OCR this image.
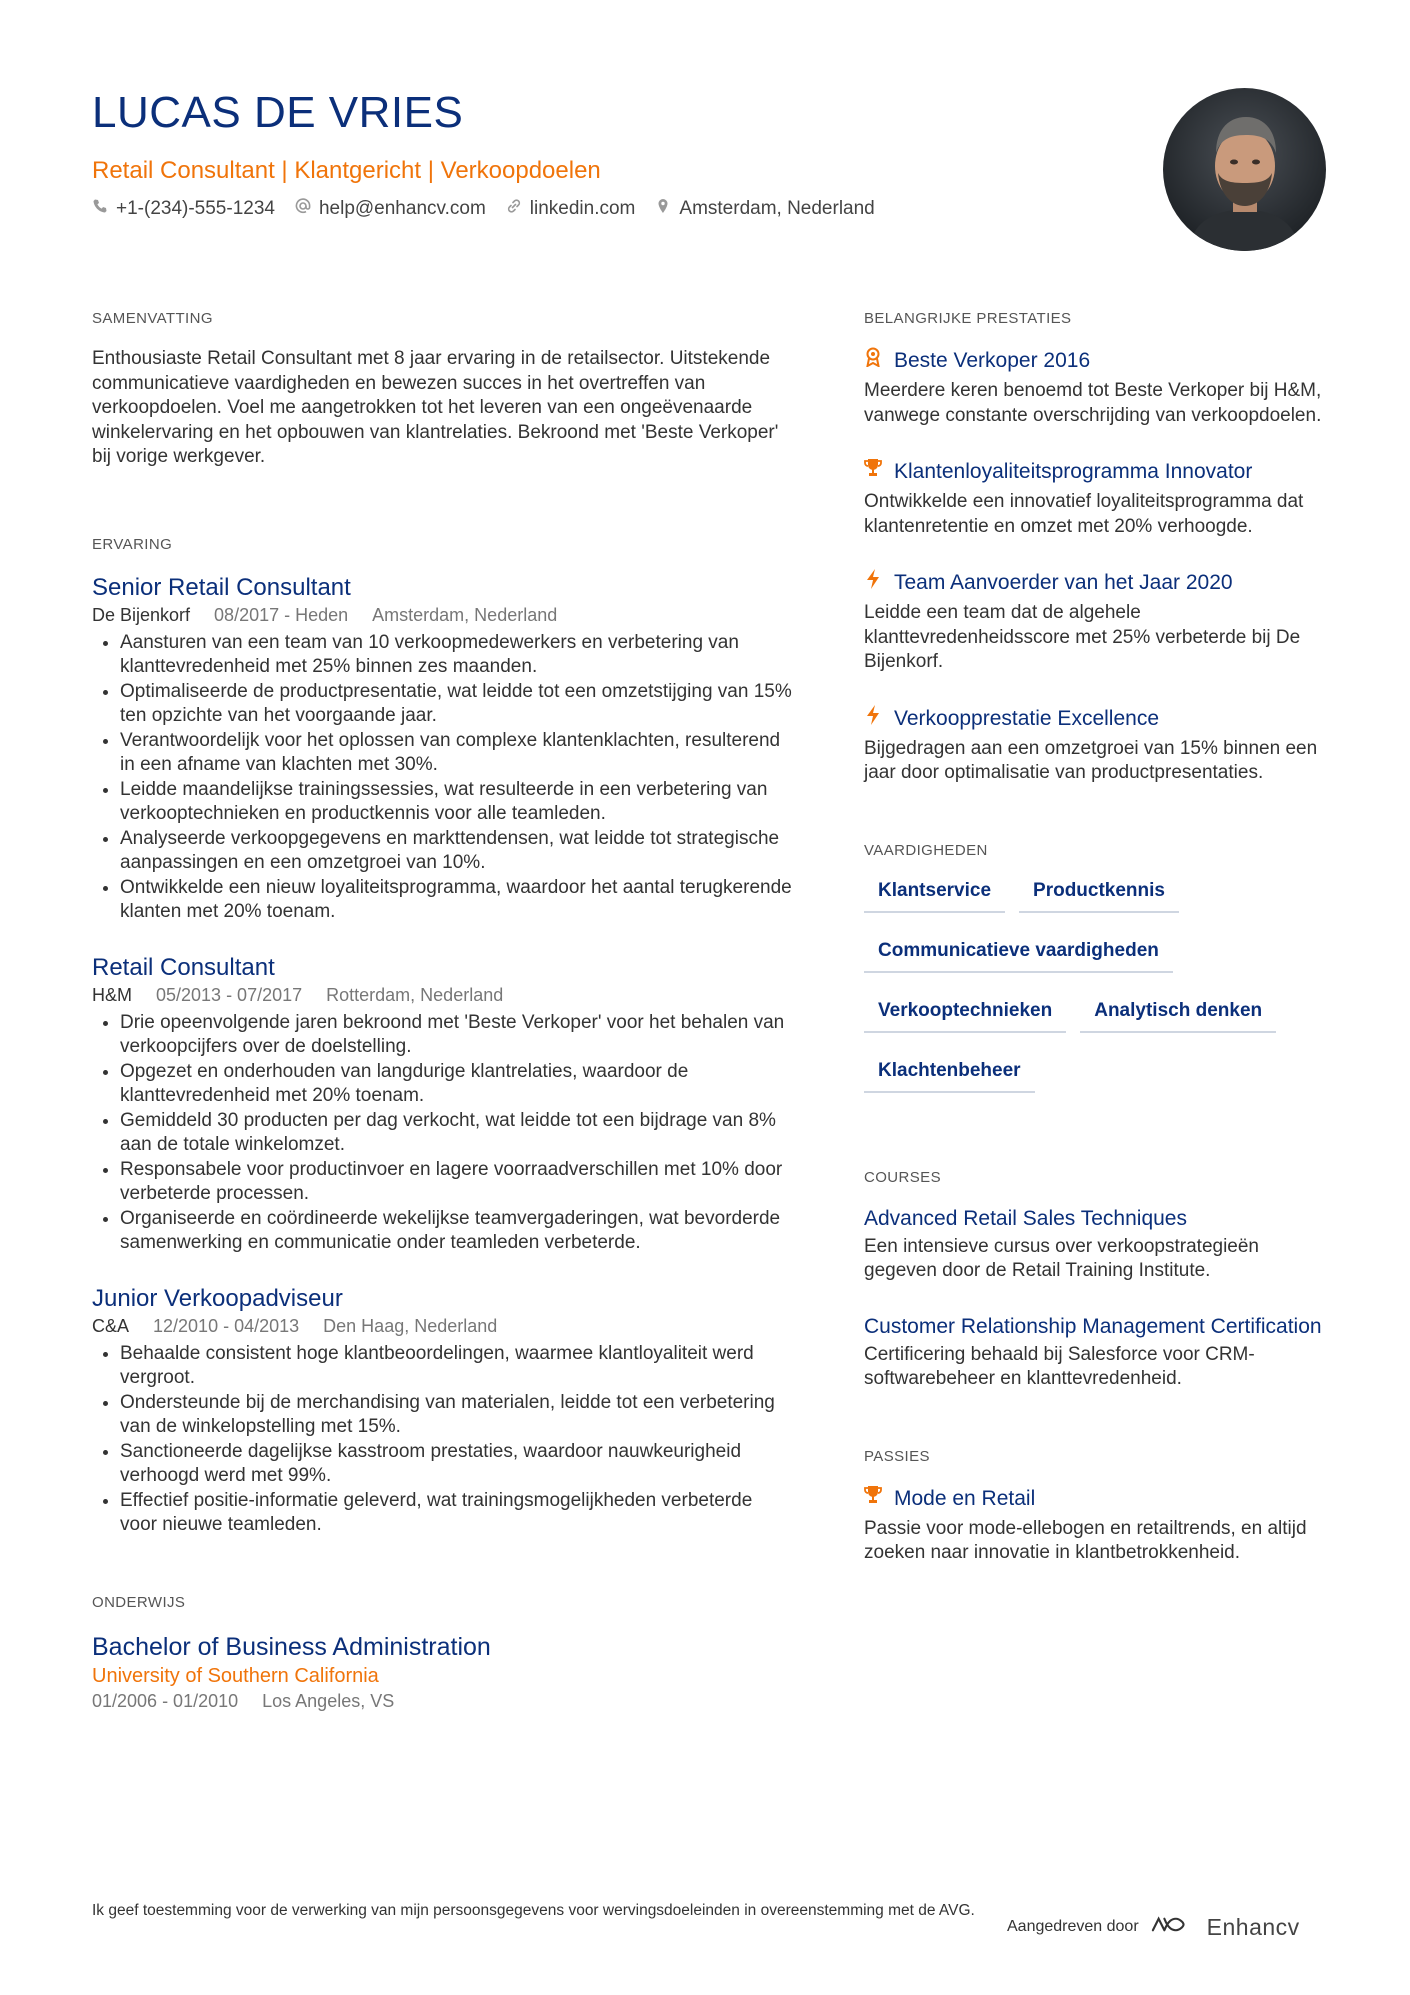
LUCAS DE VRIES
Retail Consultant | Klantgericht | Verkoopdoelen
+1-(234)-555-1234 help@enhancv.com linkedin.com Amsterdam, Nederland
SAMENVATTING

Enthousiaste Retail Consultant met 8 jaar ervaring in de retailsector. Uitstekende communicatieve vaardigheden en bewezen succes in het overtreffen van verkoopdoelen. Voel me aangetrokken tot het leveren van een ongeëvenaarde winkelervaring en het opbouwen van klantrelaties. Bekroond met 'Beste Verkoper' bij vorige werkgever.

ERVARING
Senior Retail Consultant
De Bijenkorf 08/2017 - Heden Amsterdam, Nederland
• Aansturen van een team van 10 verkoopmedewerkers en verbetering van klanttevredenheid met 25% binnen zes maanden.
• Optimaliseerde de productpresentatie, wat leidde tot een omzetstijging van 15% ten opzichte van het voorgaande jaar.
• Verantwoordelijk voor het oplossen van complexe klantenklachten, resulterend in een afname van klachten met 30%.
• Leidde maandelijkse trainingssessies, wat resulteerde in een verbetering van verkooptechnieken en productkennis voor alle teamleden.
• Analyseerde verkoopgegevens en markttendensen, wat leidde tot strategische aanpassingen en een omzetgroei van 10%.
• Ontwikkelde een nieuw loyaliteitsprogramma, waardoor het aantal terugkerende klanten met 20% toenam.
Retail Consultant
H&M 05/2013 - 07/2017 Rotterdam, Nederland
• Drie opeenvolgende jaren bekroond met 'Beste Verkoper' voor het behalen van verkoopcijfers over de doelstelling.
• Opgezet en onderhouden van langdurige klantrelaties, waardoor de klanttevredenheid met 20% toenam.
• Gemiddeld 30 producten per dag verkocht, wat leidde tot een bijdrage van 8% aan de totale winkelomzet.
• Responsabele voor productinvoer en lagere voorraadverschillen met 10% door verbeterde processen.
• Organiseerde en coördineerde wekelijkse teamvergaderingen, wat bevorderde samenwerking en communicatie onder teamleden verbeterde.
Junior Verkoopadviseur
C&A 12/2010 - 04/2013 Den Haag, Nederland
• Behaalde consistent hoge klantbeoordelingen, waarmee klantloyaliteit werd vergroot.
• Ondersteunde bij de merchandising van materialen, leidde tot een verbetering van de winkelopstelling met 15%.
• Sanctioneerde dagelijkse kasstroom prestaties, waardoor nauwkeurigheid verhoogd werd met 99%.
• Effectief positie-informatie geleverd, wat trainingsmogelijkheden verbeterde voor nieuwe teamleden.
ONDERWIJS
Bachelor of Business Administration
University of Southern California
01/2006 - 01/2010 Los Angeles, VS
BELANGRIJKE PRESTATIES
Beste Verkoper 2016
Meerdere keren benoemd tot Beste Verkoper bij H&M, vanwege constante overschrijding van verkoopdoelen.
Klantenloyaliteitsprogramma Innovator
Ontwikkelde een innovatief loyaliteitsprogramma dat klantenretentie en omzet met 20% verhoogde.
Team Aanvoerder van het Jaar 2020
Leidde een team dat de algehele klanttevredenheidsscore met 25% verbeterde bij De Bijenkorf.
Verkoopprestatie Excellence
Bijgedragen aan een omzetgroei van 15% binnen een jaar door optimalisatie van productpresentaties.
VAARDIGHEDEN
Klantservice	Productkennis
Communicatieve vaardigheden
Verkooptechnieken	Analytisch denken
Klachtenbeheer
COURSES
Advanced Retail Sales Techniques
Een intensieve cursus over verkoopstrategieën gegeven door de Retail Training Institute.
Customer Relationship Management Certification
Certificering behaald bij Salesforce voor CRM-softwarebeheer en klanttevredenheid.
PASSIES
Mode en Retail
Passie voor mode-ellebogen en retailtrends, en altijd zoeken naar innovatie in klantbetrokkenheid.
Ik geef toestemming voor de verwerking van mijn persoonsgegevens voor wervingsdoeleinden in overeenstemming met de AVG.
Aangedreven door	Enhancv
